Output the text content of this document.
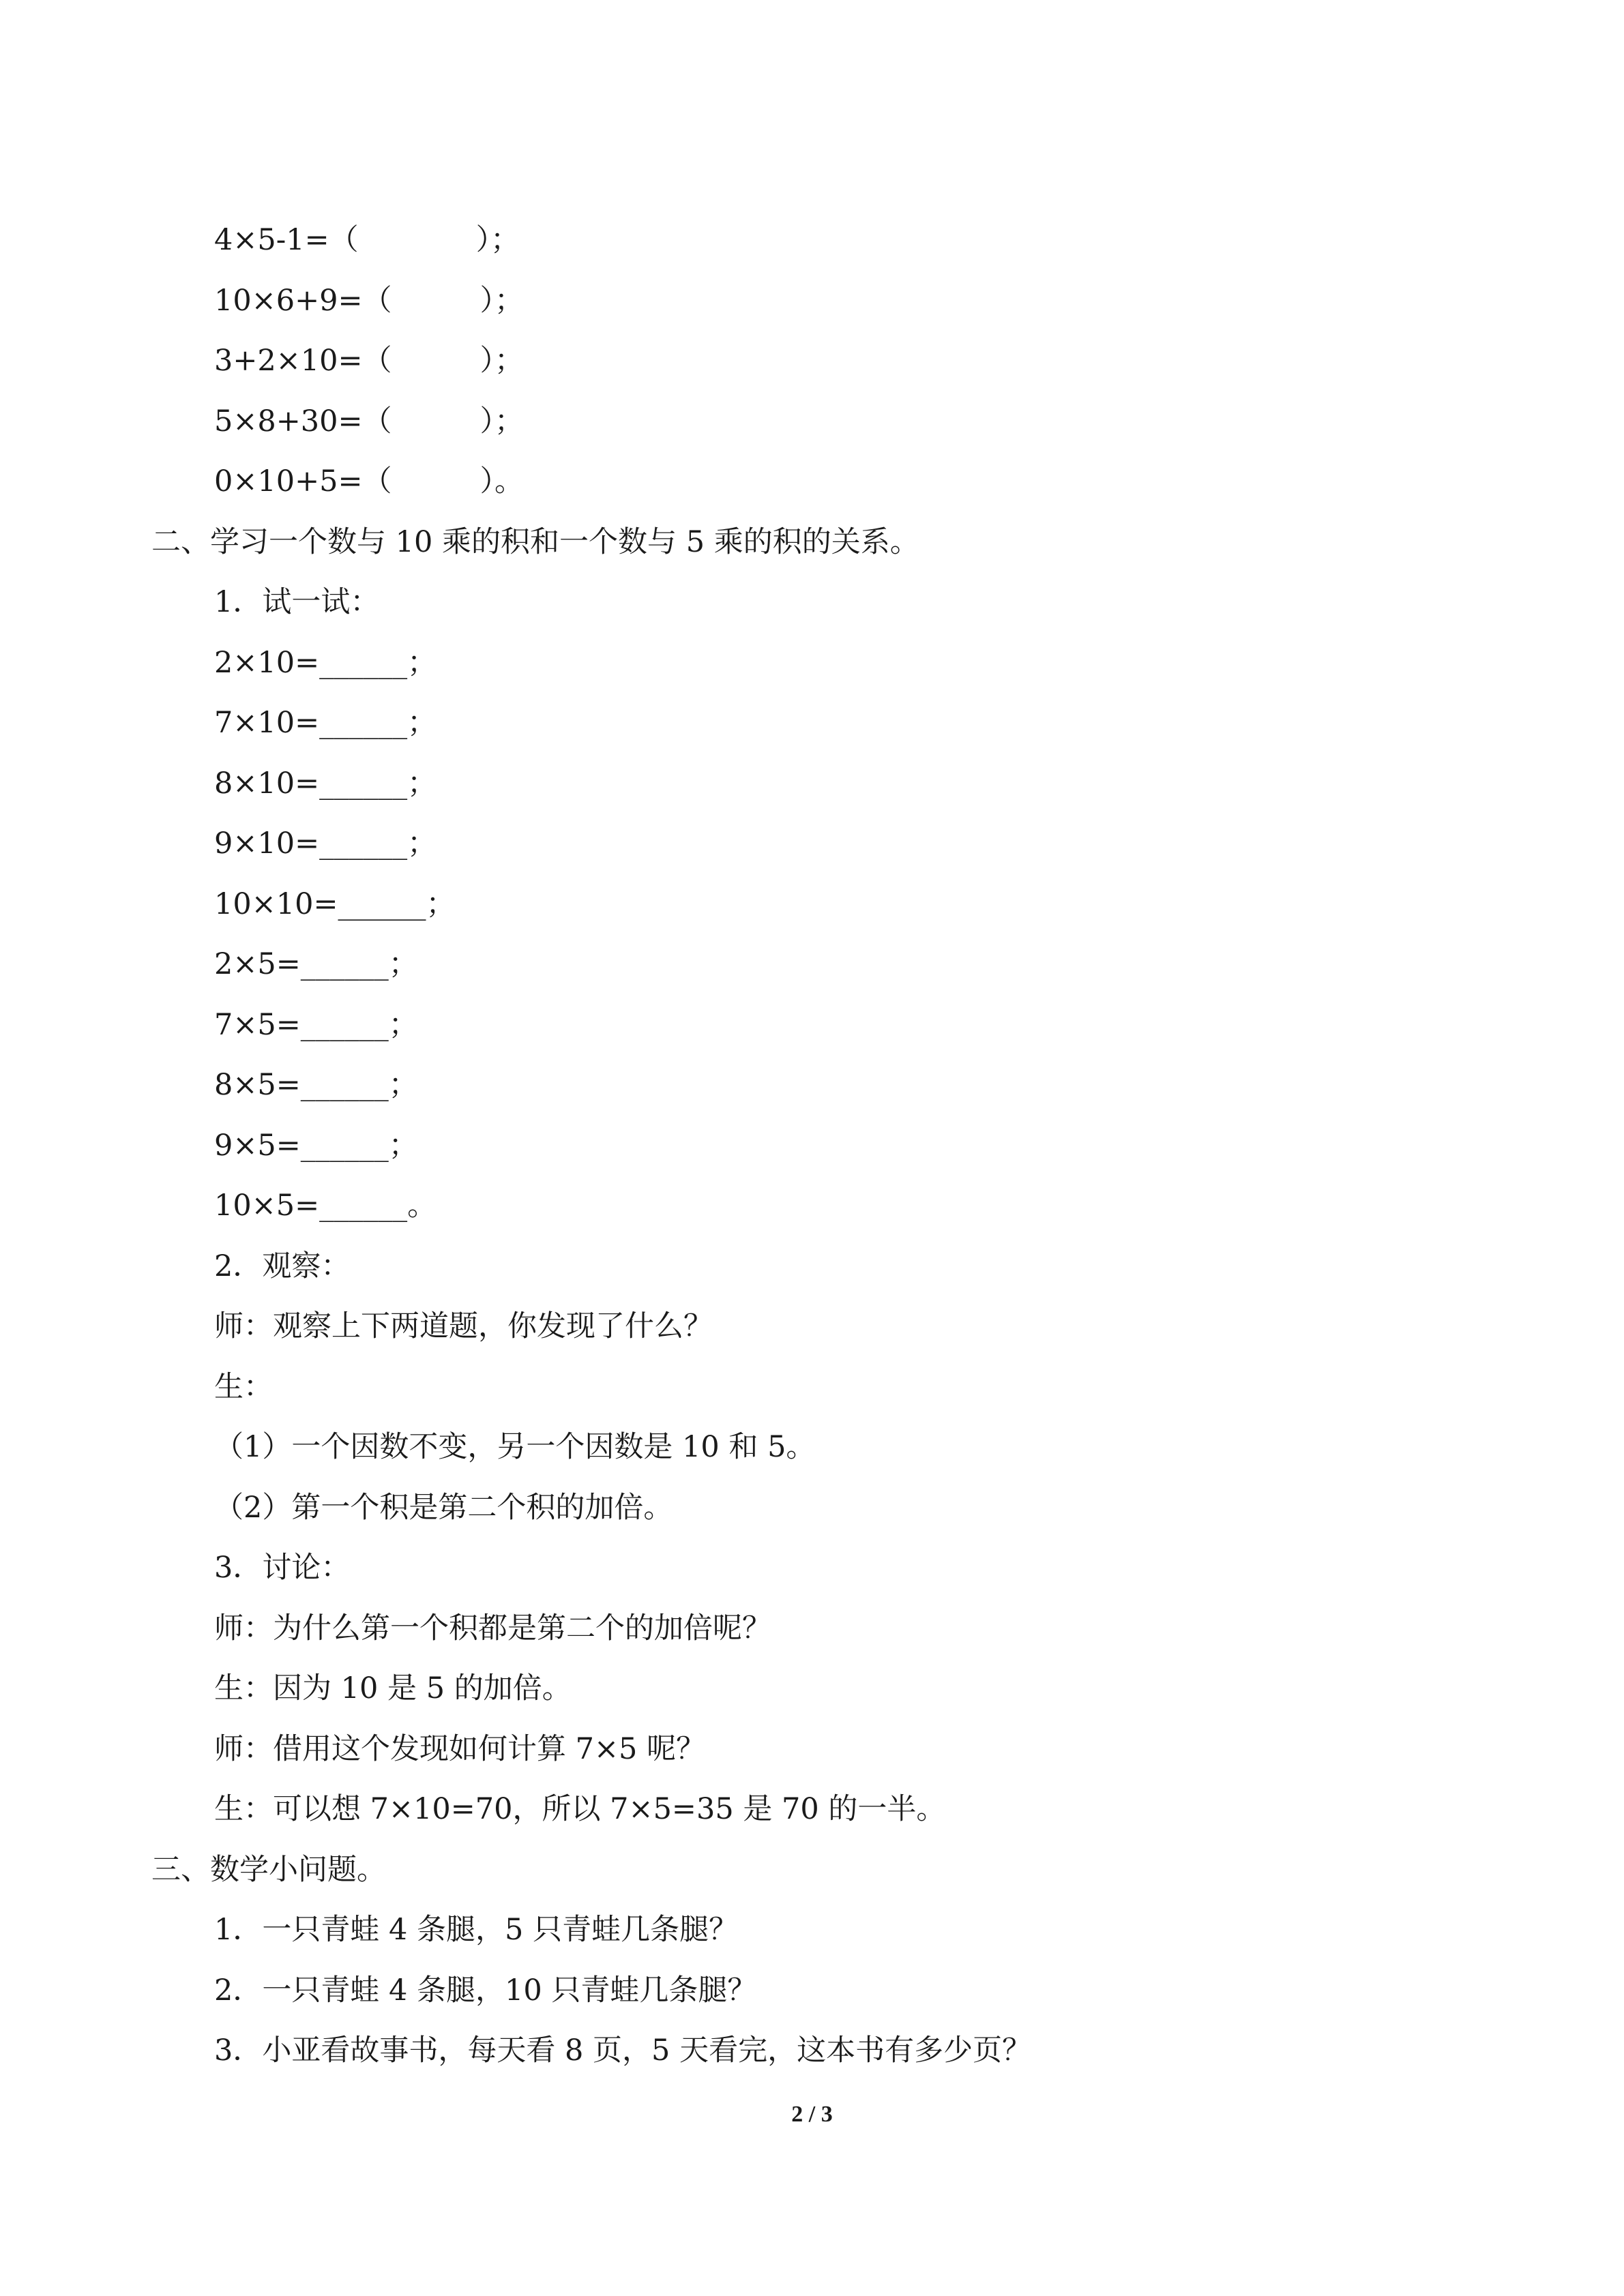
4×5-1=（　　　　）；
10×6+9=（　　　）；
3+2×10=（　　　）；
5×8+30=（　　　）；
0×10+5=（　　　）。
二、学习一个数与 10 乘的积和一个数与 5 乘的积的关系。
1．试一试：
2×10=______；
7×10=______；
8×10=______；
9×10=______；
10×10=______；
2×5=______；
7×5=______；
8×5=______；
9×5=______；
10×5=______。
2．观察：
师：观察上下两道题，你发现了什么？
生：
（1）一个因数不变，另一个因数是 10 和 5。
（2）第一个积是第二个积的加倍。
3．讨论：
师：为什么第一个积都是第二个的加倍呢？
生：因为 10 是 5 的加倍。
师：借用这个发现如何计算 7×5 呢？
生：可以想 7×10=70，所以 7×5=35 是 70 的一半。
三、数学小问题。
1．一只青蛙 4 条腿，5 只青蛙几条腿？
2．一只青蛙 4 条腿，10 只青蛙几条腿？
3．小亚看故事书，每天看 8 页，5 天看完，这本书有多少页？
2 / 3
